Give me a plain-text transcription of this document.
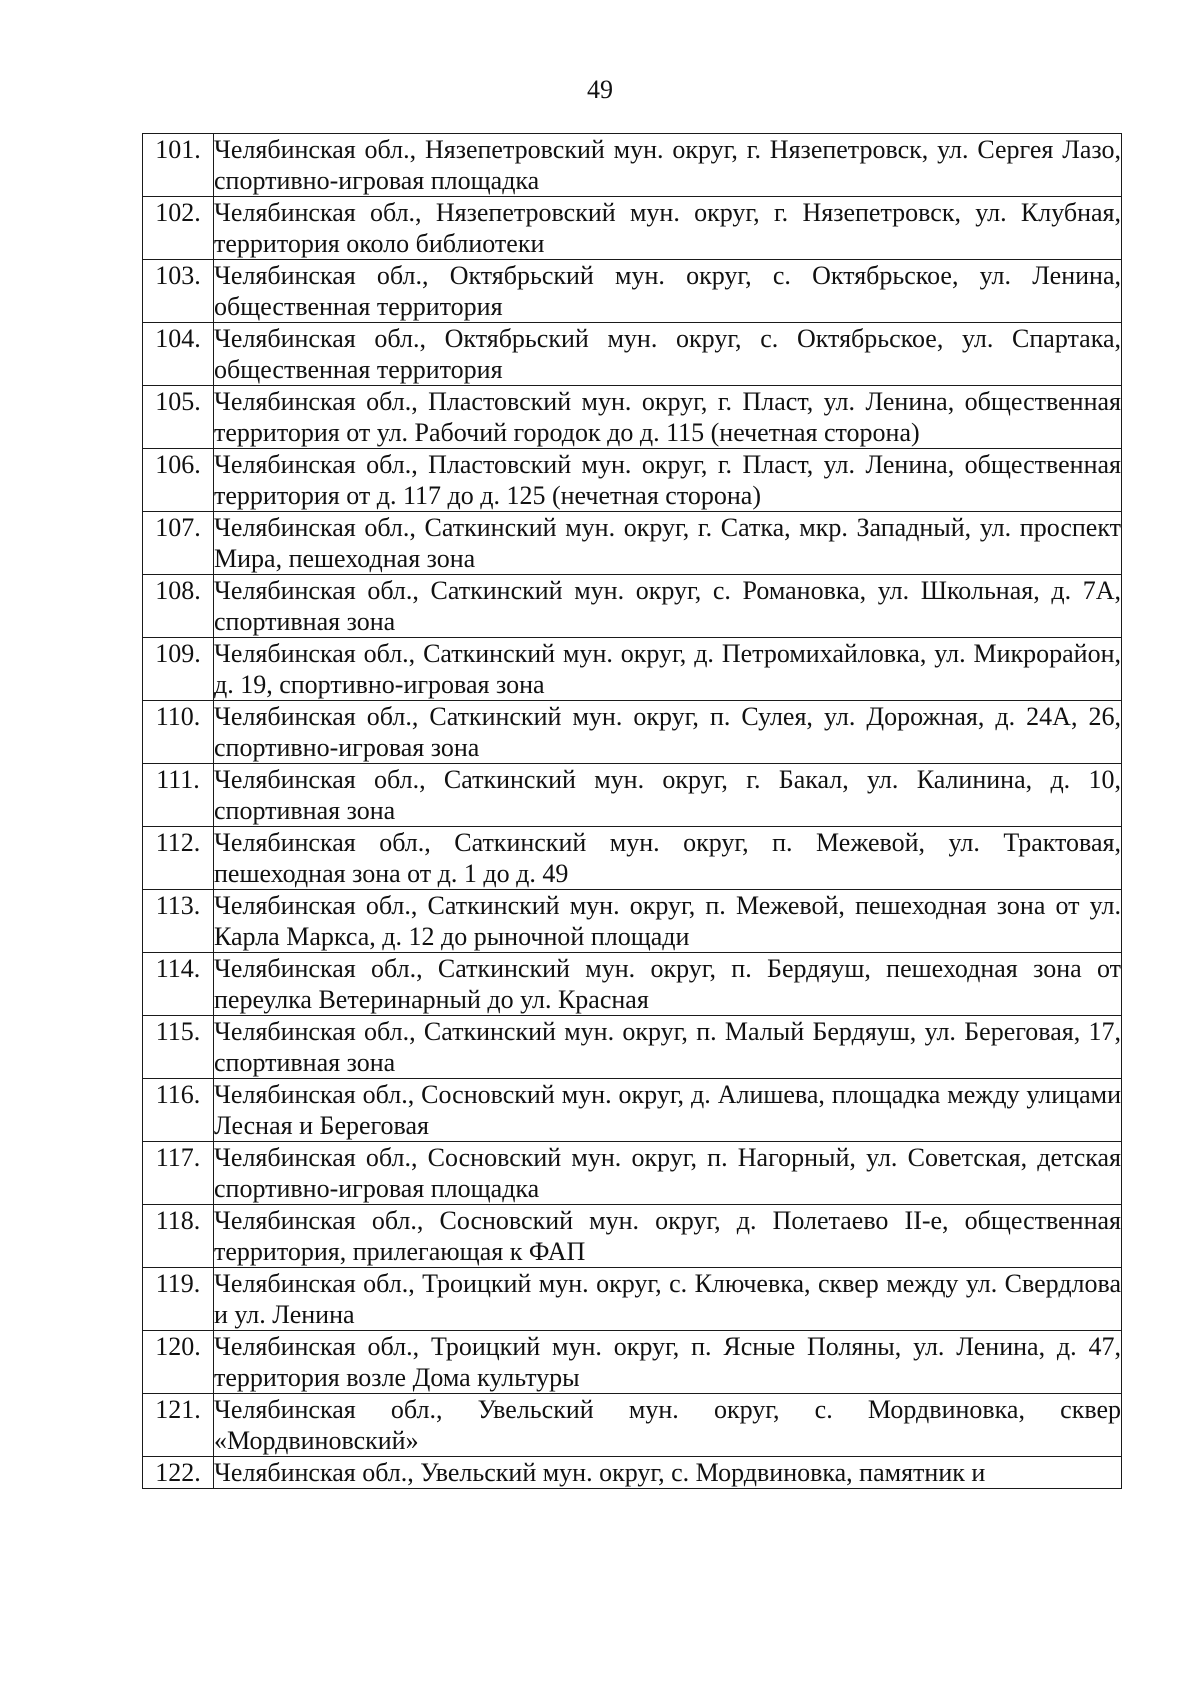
49
101.	Челябинская обл., Нязепетровский мун. округ, г. Нязепетровск, ул. Сергея Лазо, спортивно-игровая площадка
102.	Челябинская обл., Нязепетровский мун. округ, г. Нязепетровск, ул. Клубная, территория около библиотеки
103.	Челябинская обл., Октябрьский мун. округ, с. Октябрьское, ул. Ленина, общественная территория
104.	Челябинская обл., Октябрьский мун. округ, с. Октябрьское, ул. Спартака, общественная территория
105.	Челябинская обл., Пластовский мун. округ, г. Пласт, ул. Ленина, общественная территория от ул. Рабочий городок до д. 115 (нечетная сторона)
106.	Челябинская обл., Пластовский мун. округ, г. Пласт, ул. Ленина, общественная территория от д. 117 до д. 125 (нечетная сторона)
107.	Челябинская обл., Саткинский мун. округ, г. Сатка, мкр. Западный, ул. проспект Мира, пешеходная зона
108.	Челябинская обл., Саткинский мун. округ, с. Романовка, ул. Школьная, д. 7А, спортивная зона
109.	Челябинская обл., Саткинский мун. округ, д. Петромихайловка, ул. Микрорайон, д. 19, спортивно-игровая зона
110.	Челябинская обл., Саткинский мун. округ, п. Сулея, ул. Дорожная, д. 24А, 26, спортивно-игровая зона
111.	Челябинская обл., Саткинский мун. округ, г. Бакал, ул. Калинина, д. 10, спортивная зона
112.	Челябинская обл., Саткинский мун. округ, п. Межевой, ул. Трактовая, пешеходная зона от д. 1 до д. 49
113.	Челябинская обл., Саткинский мун. округ, п. Межевой, пешеходная зона от ул. Карла Маркса, д. 12 до рыночной площади
114.	Челябинская обл., Саткинский мун. округ, п. Бердяуш, пешеходная зона от переулка Ветеринарный до ул. Красная
115.	Челябинская обл., Саткинский мун. округ, п. Малый Бердяуш, ул. Береговая, 17, спортивная зона
116.	Челябинская обл., Сосновский мун. округ, д. Алишева, площадка между улицами Лесная и Береговая
117.	Челябинская обл., Сосновский мун. округ, п. Нагорный, ул. Советская, детская спортивно-игровая площадка
118.	Челябинская обл., Сосновский мун. округ, д. Полетаево II-е, общественная территория, прилегающая к ФАП
119.	Челябинская обл., Троицкий мун. округ, с. Ключевка, сквер между ул. Свердлова и ул. Ленина
120.	Челябинская обл., Троицкий мун. округ, п. Ясные Поляны, ул. Ленина, д. 47, территория возле Дома культуры
121.	Челябинская обл., Увельский мун. округ, с. Мордвиновка, сквер «Мордвиновский»
122.	Челябинская обл., Увельский мун. округ, с. Мордвиновка, памятник и
